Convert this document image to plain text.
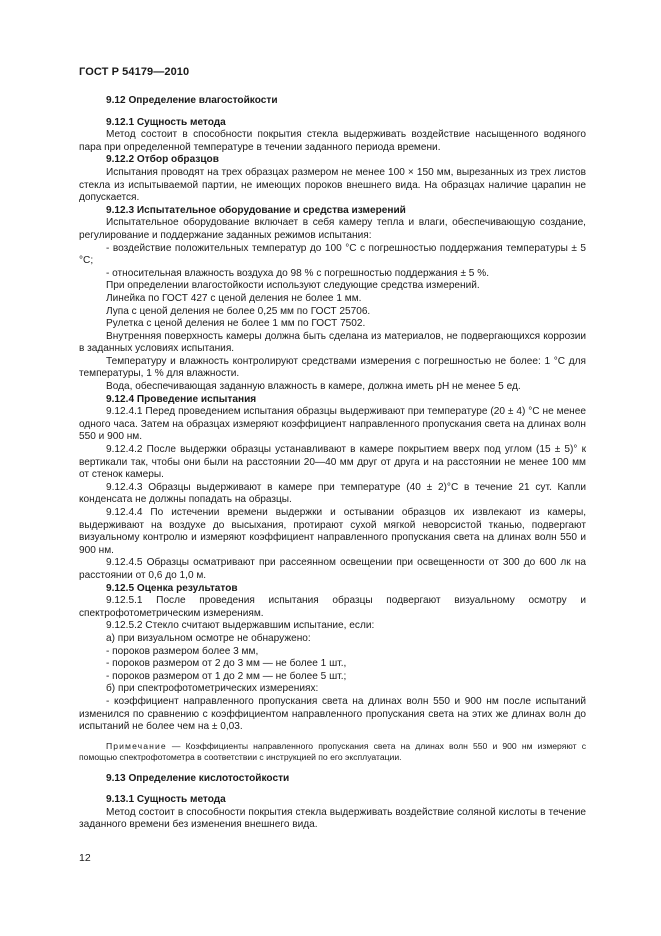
ГОСТ Р 54179—2010

9.12 Определение влагостойкости

9.12.1 Сущность метода

Метод состоит в способности покрытия стекла выдерживать воздействие насыщенного водяного пара при определенной температуре в течении заданного периода времени.

9.12.2 Отбор образцов

Испытания проводят на трех образцах размером не менее 100 × 150 мм, вырезанных из трех листов стекла из испытываемой партии, не имеющих пороков внешнего вида. На образцах наличие царапин не допускается.

9.12.3 Испытательное оборудование и средства измерений

Испытательное оборудование включает в себя камеру тепла и влаги, обеспечивающую создание, регулирование и поддержание заданных режимов испытания:

- воздействие положительных температур до 100 °С с погрешностью поддержания температуры ± 5 °С;

- относительная влажность воздуха до 98 % с погрешностью поддержания ± 5 %.

При определении влагостойкости используют следующие средства измерений.

Линейка по ГОСТ 427 с ценой деления не более 1 мм.

Лупа с ценой деления не более 0,25 мм по ГОСТ 25706.

Рулетка с ценой деления не более 1 мм по ГОСТ 7502.

Внутренняя поверхность камеры должна быть сделана из материалов, не подвергающихся коррозии в заданных условиях испытания.

Температуру и влажность контролируют средствами измерения с погрешностью не более: 1 °С для температуры, 1 % для влажности.

Вода, обеспечивающая заданную влажность в камере, должна иметь рН не менее 5 ед.

9.12.4 Проведение испытания

9.12.4.1 Перед проведением испытания образцы выдерживают при температуре (20 ± 4) °С не менее одного часа. Затем на образцах измеряют коэффициент направленного пропускания света на длинах волн 550 и 900 нм.

9.12.4.2 После выдержки образцы устанавливают в камере покрытием вверх под углом (15 ± 5)° к вертикали так, чтобы они были на расстоянии 20—40 мм друг от друга и на расстоянии не менее 100 мм от стенок камеры.

9.12.4.3 Образцы выдерживают в камере при температуре (40 ± 2)°С в течение 21 сут. Капли конденсата не должны попадать на образцы.

9.12.4.4 По истечении времени выдержки и остывании образцов их извлекают из камеры, выдерживают на воздухе до высыхания, протирают сухой мягкой неворсистой тканью, подвергают визуальному контролю и измеряют коэффициент направленного пропускания света на длинах волн 550 и 900 нм.

9.12.4.5 Образцы осматривают при рассеянном освещении при освещенности от 300 до 600 лк на расстоянии от 0,6 до 1,0 м.

9.12.5 Оценка результатов

9.12.5.1 После проведения испытания образцы подвергают визуальному осмотру и спектрофотометрическим измерениям.

9.12.5.2 Стекло считают выдержавшим испытание, если:

а) при визуальном осмотре не обнаружено:

- пороков размером более 3 мм,

- пороков размером от 2 до 3 мм — не более 1 шт.,

- пороков размером от 1 до 2 мм — не более 5 шт.;

б) при спектрофотометрических измерениях:

- коэффициент направленного пропускания света на длинах волн 550 и 900 нм после испытаний изменился по сравнению с коэффициентом направленного пропускания света на этих же длинах волн до испытаний не более чем на ± 0,03.

Примечание — Коэффициенты направленного пропускания света на длинах волн 550 и 900 нм измеряют с помощью спектрофотометра в соответствии с инструкцией по его эксплуатации.

9.13 Определение кислотостойкости

9.13.1 Сущность метода

Метод состоит в способности покрытия стекла выдерживать воздействие соляной кислоты в течение заданного времени без изменения внешнего вида.

12
